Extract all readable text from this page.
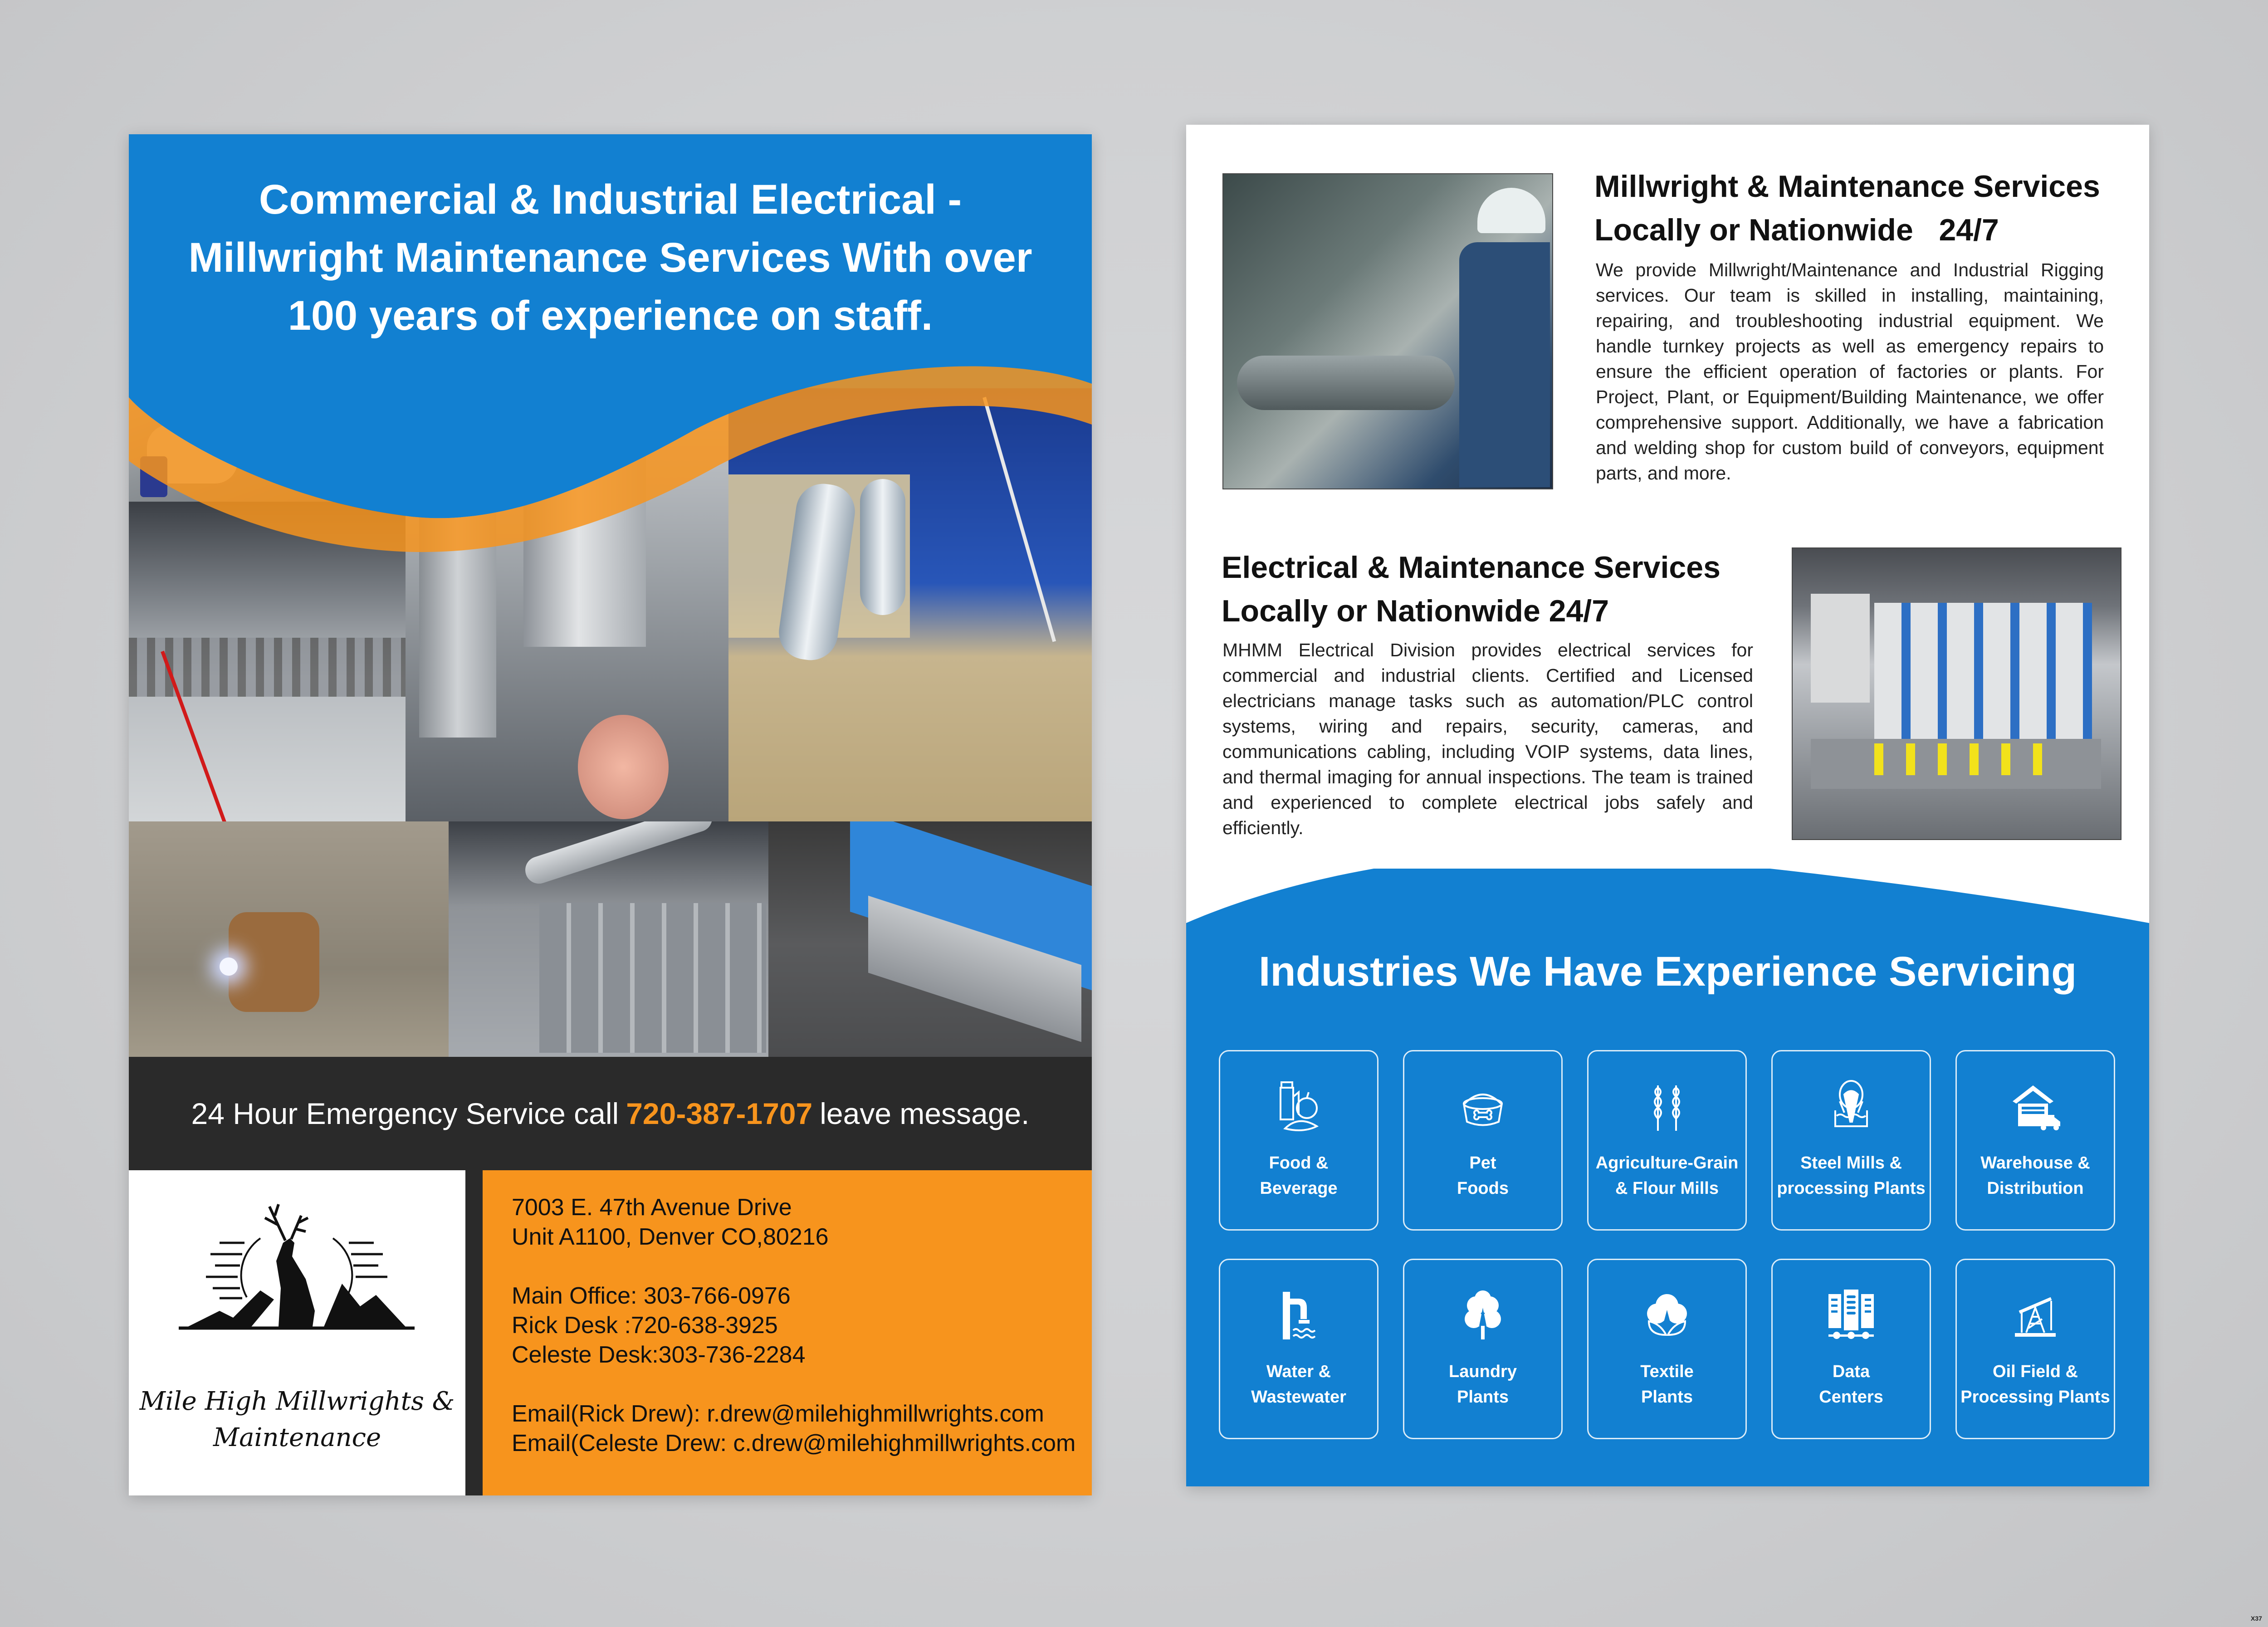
Commercial & Industrial Electrical -
Millwright Maintenance Services With over
100 years of experience on staff.
24 Hour Emergency Service call 720-387-1707 leave message.
Mile High Millwrights &
Maintenance
7003 E. 47th Avenue Drive
Unit A1100, Denver CO,80216
Main Office: 303-766-0976
Rick Desk :720-638-3925
Celeste Desk:303-736-2284
Email(Rick Drew): r.drew@milehighmillwrights.com
Email(Celeste Drew: c.drew@milehighmillwrights.com
Millwright & Maintenance Services
Locally or Nationwide   24/7
We provide Millwright/Maintenance and Industrial Rigging services. Our team is skilled in installing, maintaining, repairing, and troubleshooting industrial equipment. We handle turnkey projects as well as emergency repairs to ensure the efficient operation of factories or plants. For Project, Plant, or Equipment/Building Maintenance, we offer comprehensive support. Additionally, we have a fabrication and welding shop for custom build of conveyors, equipment parts, and more.
Electrical & Maintenance Services
Locally or Nationwide 24/7
MHMM Electrical Division provides electrical services for commercial and industrial clients. Certified and Licensed electricians manage tasks such as automation/PLC control systems, wiring and repairs, security, cameras, and communications cabling, including VOIP systems, data lines, and thermal imaging for annual inspections. The team is trained and experienced to complete electrical jobs safely and efficiently.
Industries We Have Experience Servicing
Food &
Beverage
Pet
Foods
Agriculture-Grain
& Flour Mills
Steel Mills &
processing Plants
Warehouse &
Distribution
Water &
Wastewater
Laundry
Plants
Textile
Plants
Data
Centers
Oil Field &
Processing Plants
X37
